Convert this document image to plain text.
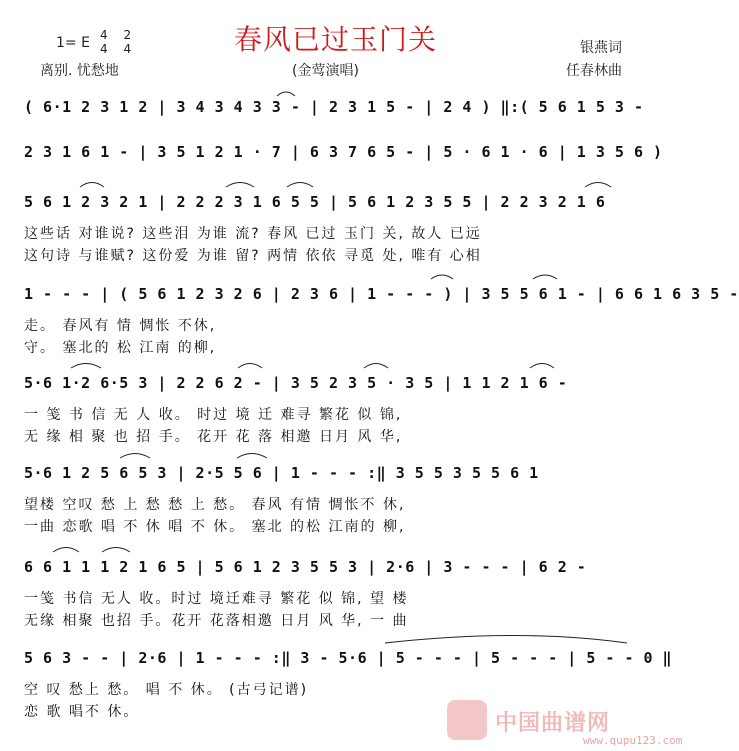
1= E 4 2
4 4	春风已过玉门关	银燕词
离别. 忧愁地	(金莺演唱)	任春林曲
( 6·1 2 3 1 2 | 3 4 3 4 3 3 - | 2 3 1 5 - | 2 4 ) ‖:( 5 6 1 5 3 -
2 3 1 6 1 - | 3 5 1 2 1 · 7 | 6 3 7 6 5 - | 5 · 6 1 · 6 | 1 3 5 6 )
5 6 1 2 3 2 1 | 2 2 2 3 1 6 5 5 | 5 6 1 2 3 5 5 | 2 2 3 2 1 6
这些话 对谁说? 这些泪 为谁 流? 春风 已过 玉门 关, 故人 已远
这句诗 与谁赋? 这份爱 为谁 留? 两情 依依 寻觅 处, 唯有 心相
1 - - - | ( 5 6 1 2 3 2 6 | 2 3 6 | 1 - - - ) | 3 5 5 6 1 - | 6 6 1 6 3 5 -
走。 春风有 情 惆怅 不休,
守。 塞北的 松 江南 的柳,
5·6 1·2 6·5 3 | 2 2 6 2 - | 3 5 2 3 5 · 3 5 | 1 1 2 1 6 -
一 笺 书 信 无 人 收。 时过 境 迁 难寻 繁花 似 锦,
无 缘 相 聚 也 招 手。 花开 花 落 相邀 日月 风 华,
5·6 1 2 5 6 5 3 | 2·5 5 6 | 1 - - - :‖ 3 5 5 3 5 5 6 1
望楼 空叹 愁 上 愁 愁 上 愁。 春风 有情 惆怅不 休,
一曲 恋歌 唱 不 休 唱 不 休。 塞北 的松 江南的 柳,
6 6 1 1 1 2 1 6 5 | 5 6 1 2 3 5 5 3 | 2·6 | 3 - - - | 6 2 -
一笺 书信 无人 收。时过 境迁难寻 繁花 似 锦, 望 楼
无缘 相聚 也招 手。花开 花落相邀 日月 风 华, 一 曲
5 6 3 - - | 2·6 | 1 - - - :‖ 3 - 5·6 | 5 - - - | 5 - - - | 5 - - 0 ‖
空 叹 愁上 愁。 唱 不 休。 (古弓记谱)
恋 歌 唱不 休。	中国曲谱网
www.qupu123.com
